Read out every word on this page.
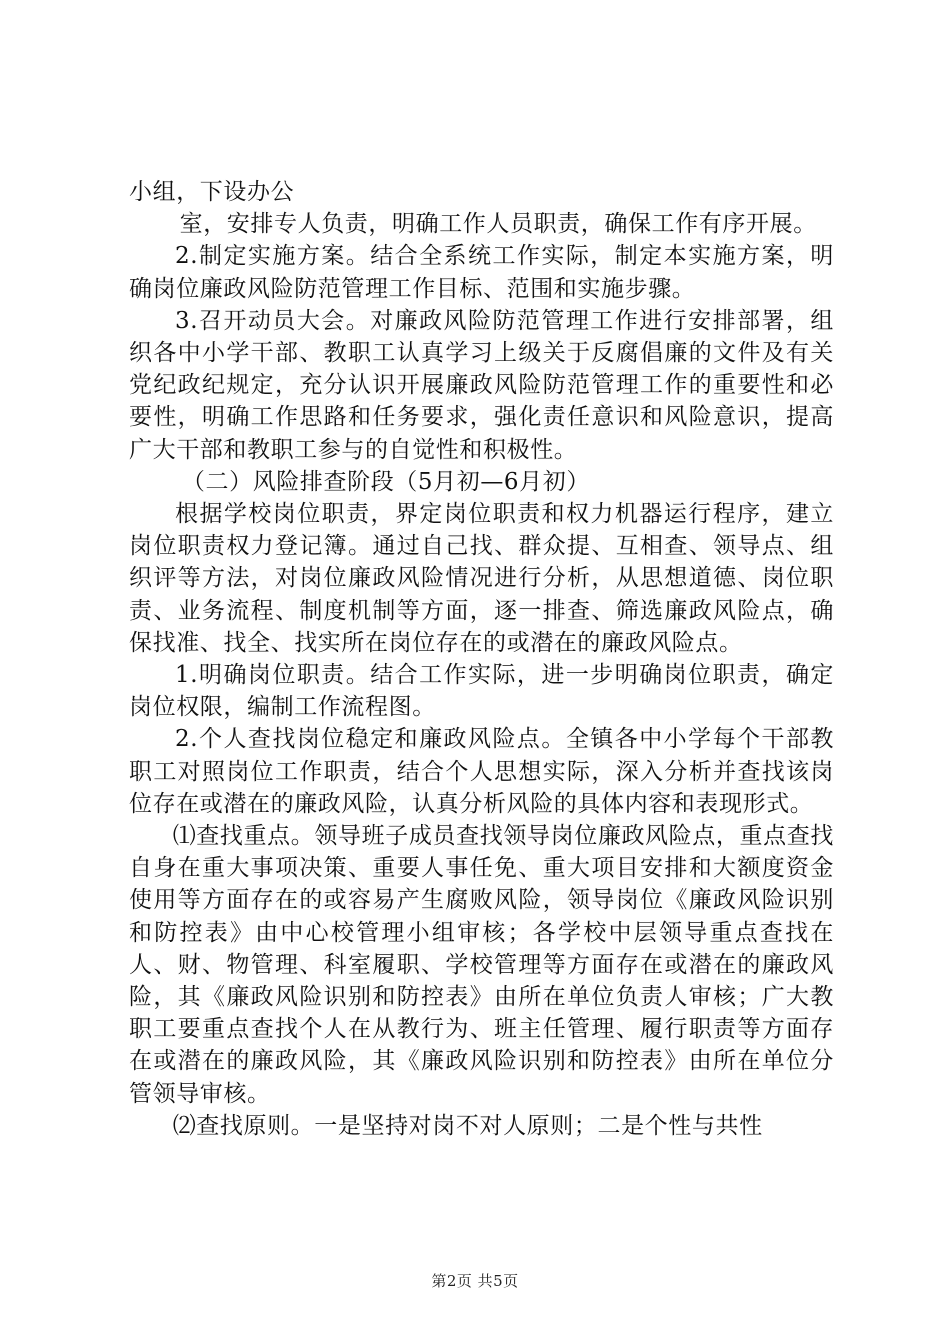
小组，下设办公

室，安排专人负责，明确工作人员职责，确保工作有序开展。

2.制定实施方案。结合全系统工作实际，制定本实施方案，明确岗位廉政风险防范管理工作目标、范围和实施步骤。

3.召开动员大会。对廉政风险防范管理工作进行安排部署，组织各中小学干部、教职工认真学习上级关于反腐倡廉的文件及有关党纪政纪规定，充分认识开展廉政风险防范管理工作的重要性和必要性，明确工作思路和任务要求，强化责任意识和风险意识，提高广大干部和教职工参与的自觉性和积极性。

（二）风险排查阶段（5月初—6月初）

根据学校岗位职责，界定岗位职责和权力机器运行程序，建立岗位职责权力登记簿。通过自己找、群众提、互相查、领导点、组织评等方法，对岗位廉政风险情况进行分析，从思想道德、岗位职责、业务流程、制度机制等方面，逐一排查、筛选廉政风险点，确保找准、找全、找实所在岗位存在的或潜在的廉政风险点。

1.明确岗位职责。结合工作实际，进一步明确岗位职责，确定岗位权限，编制工作流程图。

2.个人查找岗位稳定和廉政风险点。全镇各中小学每个干部教职工对照岗位工作职责，结合个人思想实际，深入分析并查找该岗位存在或潜在的廉政风险，认真分析风险的具体内容和表现形式。

⑴查找重点。领导班子成员查找领导岗位廉政风险点，重点查找自身在重大事项决策、重要人事任免、重大项目安排和大额度资金使用等方面存在的或容易产生腐败风险，领导岗位《廉政风险识别和防控表》由中心校管理小组审核；各学校中层领导重点查找在人、财、物管理、科室履职、学校管理等方面存在或潜在的廉政风险，其《廉政风险识别和防控表》由所在单位负责人审核；广大教职工要重点查找个人在从教行为、班主任管理、履行职责等方面存在或潜在的廉政风险，其《廉政风险识别和防控表》由所在单位分管领导审核。

⑵查找原则。一是坚持对岗不对人原则；二是个性与共性

第2页 共5页
